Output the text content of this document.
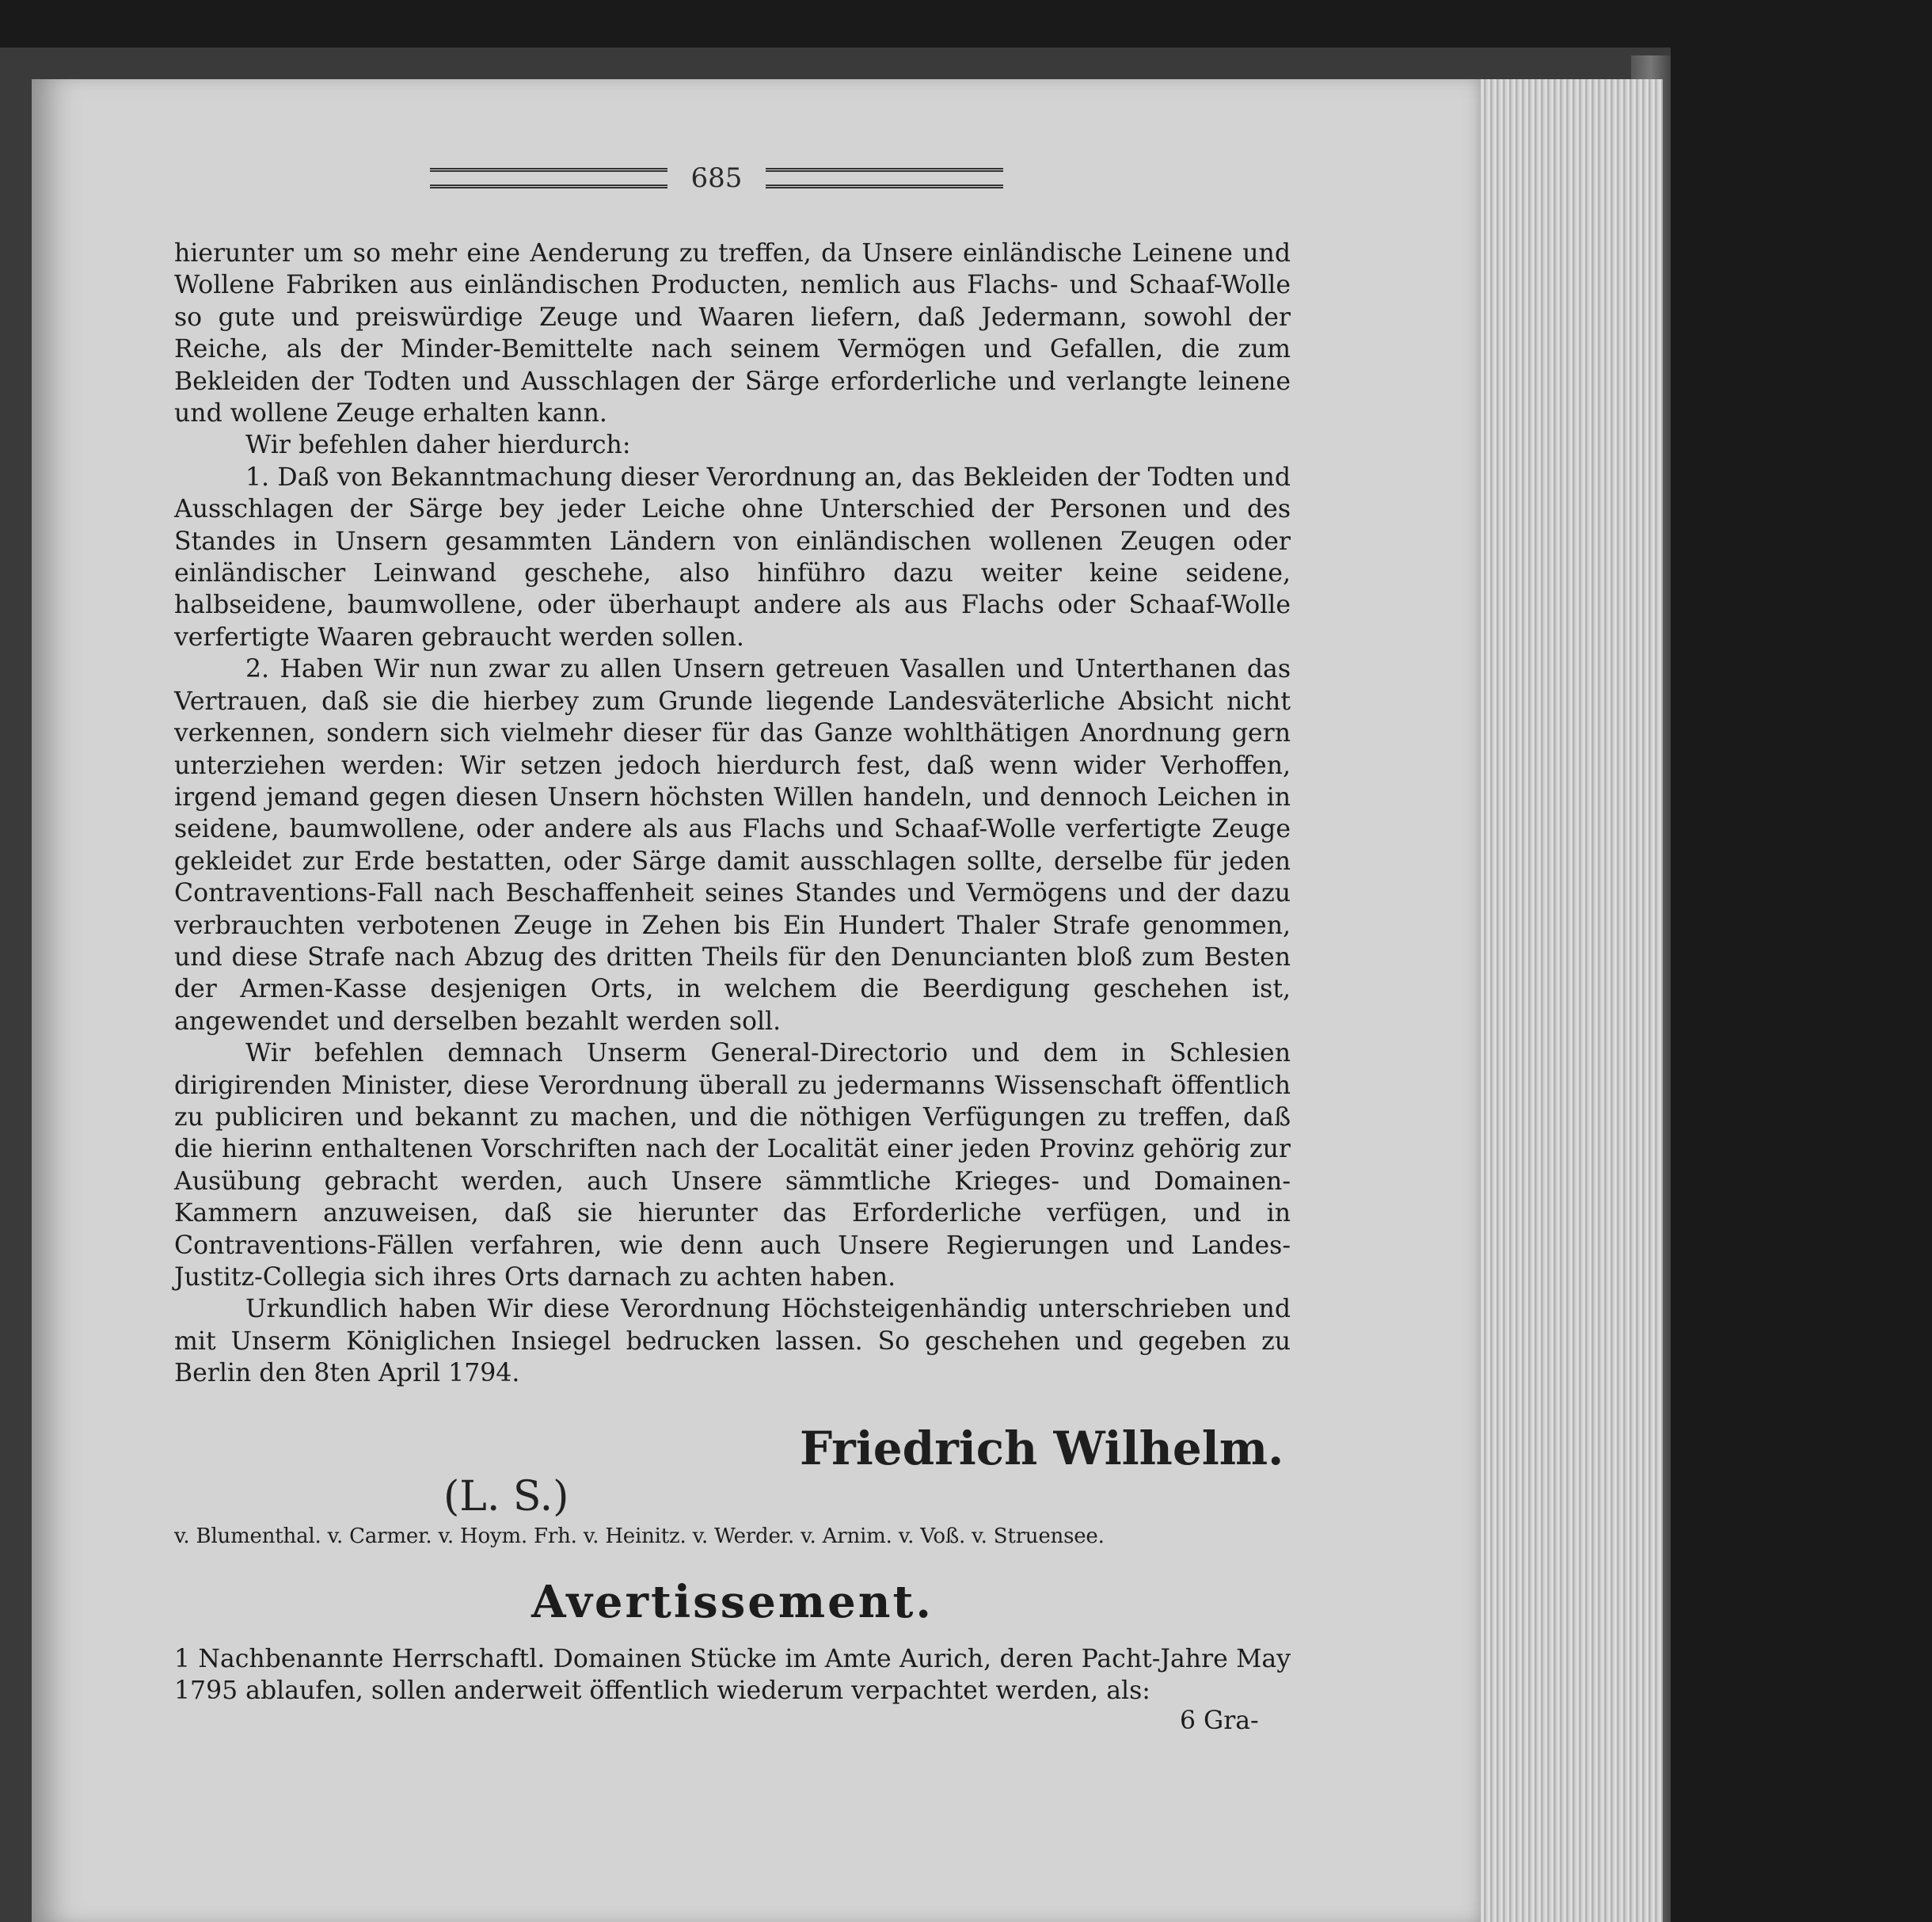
685

hierunter um so mehr eine Aenderung zu treffen, da Unsere einländische Leinene und Wollene Fabriken aus einländischen Producten, nemlich aus Flachs- und Schaaf-Wolle so gute und preiswürdige Zeuge und Waaren liefern, daß Jedermann, sowohl der Reiche, als der Minder-Bemittelte nach seinem Vermögen und Gefallen, die zum Bekleiden der Todten und Ausschlagen der Särge erforderliche und verlangte leinene und wollene Zeuge erhalten kann.

Wir befehlen daher hierdurch:

1. Daß von Bekanntmachung dieser Verordnung an, das Bekleiden der Todten und Ausschlagen der Särge bey jeder Leiche ohne Unterschied der Personen und des Standes in Unsern gesammten Ländern von einländischen wollenen Zeugen oder einländischer Leinwand geschehe, also hinführo dazu weiter keine seidene, halbseidene, baumwollene, oder überhaupt andere als aus Flachs oder Schaaf-Wolle verfertigte Waaren gebraucht werden sollen.

2. Haben Wir nun zwar zu allen Unsern getreuen Vasallen und Unterthanen das Vertrauen, daß sie die hierbey zum Grunde liegende Landesväterliche Absicht nicht verkennen, sondern sich vielmehr dieser für das Ganze wohlthätigen Anordnung gern unterziehen werden: Wir setzen jedoch hierdurch fest, daß wenn wider Verhoffen, irgend jemand gegen diesen Unsern höchsten Willen handeln, und dennoch Leichen in seidene, baumwollene, oder andere als aus Flachs und Schaaf-Wolle verfertigte Zeuge gekleidet zur Erde bestatten, oder Särge damit ausschlagen sollte, derselbe für jeden Contraventions-Fall nach Beschaffenheit seines Standes und Vermögens und der dazu verbrauchten verbotenen Zeuge in Zehen bis Ein Hundert Thaler Strafe genommen, und diese Strafe nach Abzug des dritten Theils für den Denuncianten bloß zum Besten der Armen-Kasse desjenigen Orts, in welchem die Beerdigung geschehen ist, angewendet und derselben bezahlt werden soll.

Wir befehlen demnach Unserm General-Directorio und dem in Schlesien dirigirenden Minister, diese Verordnung überall zu jedermanns Wissenschaft öffentlich zu publiciren und bekannt zu machen, und die nöthigen Verfügungen zu treffen, daß die hierinn enthaltenen Vorschriften nach der Localität einer jeden Provinz gehörig zur Ausübung gebracht werden, auch Unsere sämmtliche Krieges- und Domainen-Kammern anzuweisen, daß sie hierunter das Erforderliche verfügen, und in Contraventions-Fällen verfahren, wie denn auch Unsere Regierungen und Landes-Justitz-Collegia sich ihres Orts darnach zu achten haben.

Urkundlich haben Wir diese Verordnung Höchsteigenhändig unterschrieben und mit Unserm Königlichen Insiegel bedrucken lassen. So geschehen und gegeben zu Berlin den 8ten April 1794.

Friedrich Wilhelm.
(L. S.)
v. Blumenthal. v. Carmer. v. Hoym. Frh. v. Heinitz. v. Werder. v. Arnim. v. Voß. v. Struensee.
Avertissement.

1 Nachbenannte Herrschaftl. Domainen Stücke im Amte Aurich, deren Pacht-Jahre May 1795 ablaufen, sollen anderweit öffentlich wiederum verpachtet werden, als:

6 Gra-
